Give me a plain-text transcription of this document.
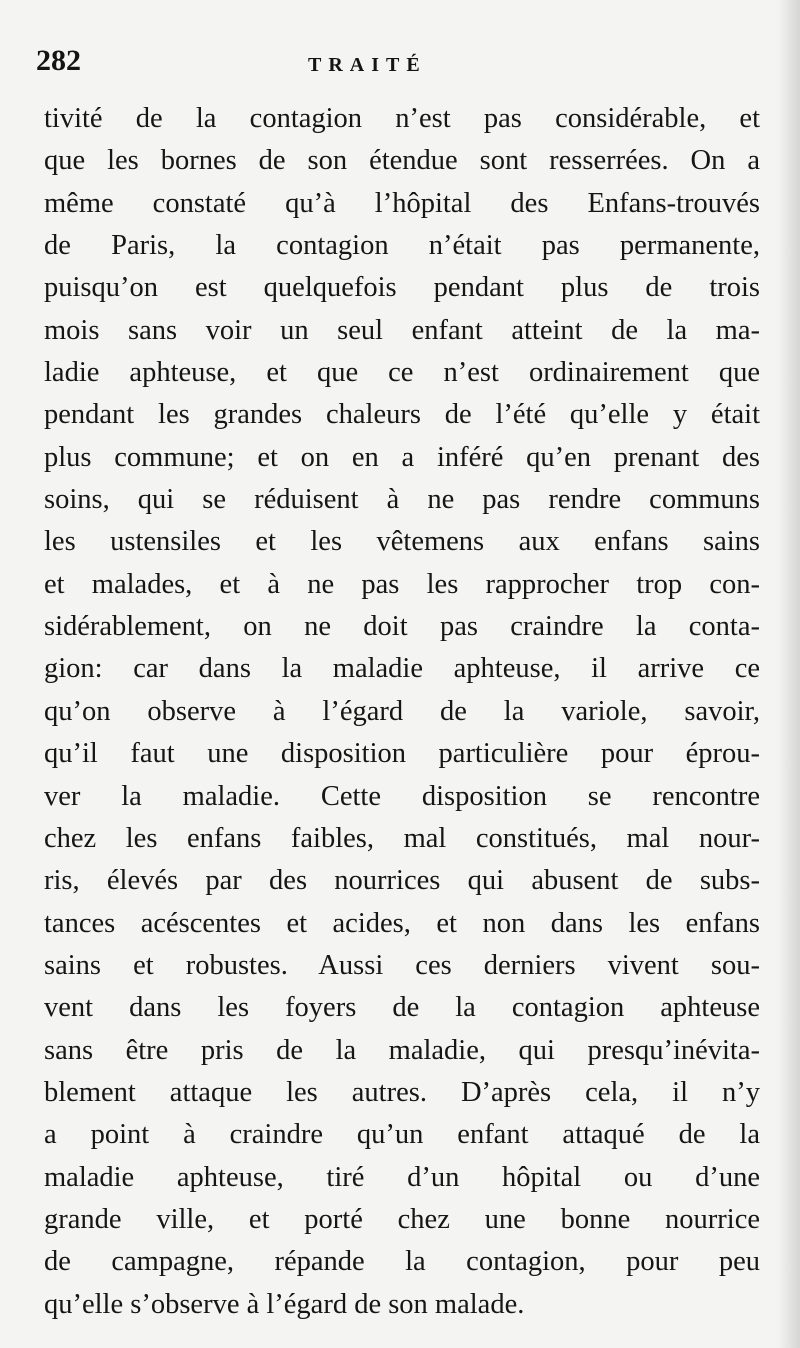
282	TRAITÉ
tivité de la contagion n’est pas considérable, et
que les bornes de son étendue sont resserrées. On a
même constaté qu’à l’hôpital des Enfans-trouvés
de Paris, la contagion n’était pas permanente,
puisqu’on est quelquefois pendant plus de trois
mois sans voir un seul enfant atteint de la ma-
ladie aphteuse, et que ce n’est ordinairement que
pendant les grandes chaleurs de l’été qu’elle y était
plus commune; et on en a inféré qu’en prenant des
soins, qui se réduisent à ne pas rendre communs
les ustensiles et les vêtemens aux enfans sains
et malades, et à ne pas les rapprocher trop con-
sidérablement, on ne doit pas craindre la conta-
gion: car dans la maladie aphteuse, il arrive ce
qu’on observe à l’égard de la variole, savoir,
qu’il faut une disposition particulière pour éprou-
ver la maladie. Cette disposition se rencontre
chez les enfans faibles, mal constitués, mal nour-
ris, élevés par des nourrices qui abusent de subs-
tances acéscentes et acides, et non dans les enfans
sains et robustes. Aussi ces derniers vivent sou-
vent dans les foyers de la contagion aphteuse
sans être pris de la maladie, qui presqu’inévita-
blement attaque les autres. D’après cela, il n’y
a point à craindre qu’un enfant attaqué de la
maladie aphteuse, tiré d’un hôpital ou d’une
grande ville, et porté chez une bonne nourrice
de campagne, répande la contagion, pour peu
qu’elle s’observe à l’égard de son malade.
